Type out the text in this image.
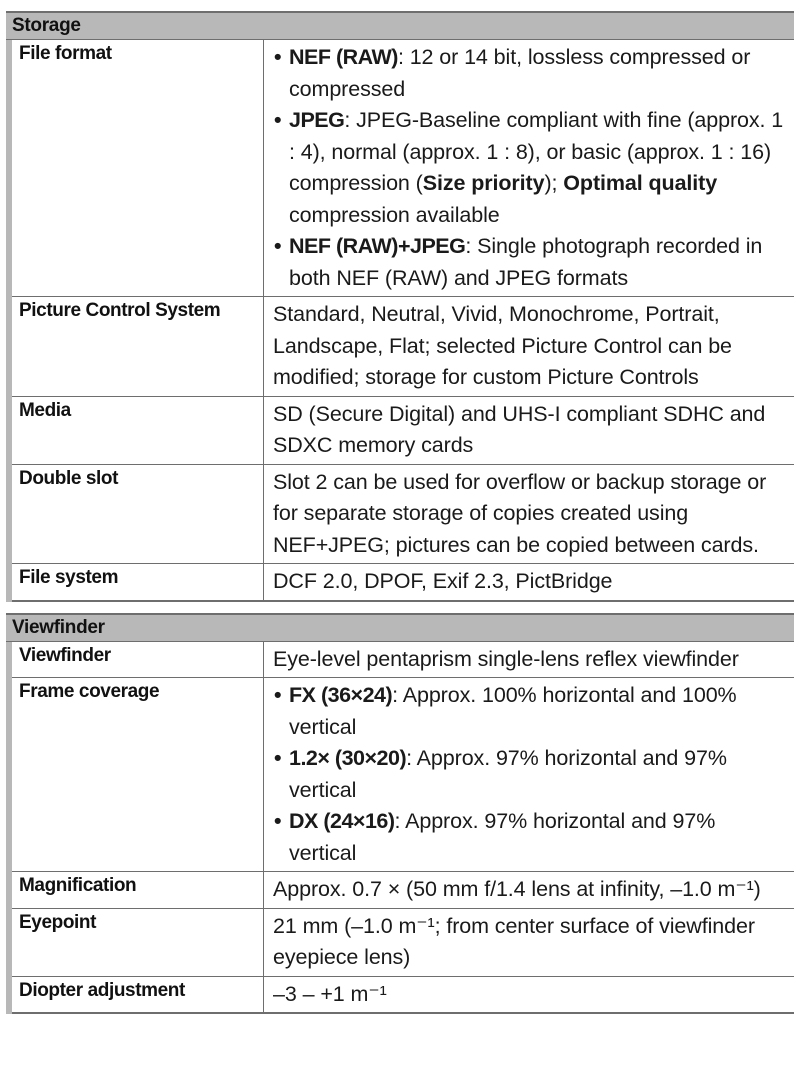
Storage
File format	• NEF (RAW): 12 or 14 bit, lossless compressed or compressed
• JPEG: JPEG-Baseline compliant with fine (approx. 1 : 4), normal (approx. 1 : 8), or basic (approx. 1 : 16) compression (Size priority); Optimal quality compression available
• NEF (RAW)+JPEG: Single photograph recorded in both NEF (RAW) and JPEG formats
Picture Control System	Standard, Neutral, Vivid, Monochrome, Portrait, Landscape, Flat; selected Picture Control can be modified; storage for custom Picture Controls
Media	SD (Secure Digital) and UHS-I compliant SDHC and SDXC memory cards
Double slot	Slot 2 can be used for overflow or backup storage or for separate storage of copies created using NEF+JPEG; pictures can be copied between cards.
File system	DCF 2.0, DPOF, Exif 2.3, PictBridge
Viewfinder
Viewfinder	Eye-level pentaprism single-lens reflex viewfinder
Frame coverage	• FX (36×24): Approx. 100% horizontal and 100% vertical
• 1.2× (30×20): Approx. 97% horizontal and 97% vertical
• DX (24×16): Approx. 97% horizontal and 97% vertical
Magnification	Approx. 0.7 × (50 mm f/1.4 lens at infinity, –1.0 m⁻¹)
Eyepoint	21 mm (–1.0 m⁻¹; from center surface of viewfinder eyepiece lens)
Diopter adjustment	–3 – +1 m⁻¹
